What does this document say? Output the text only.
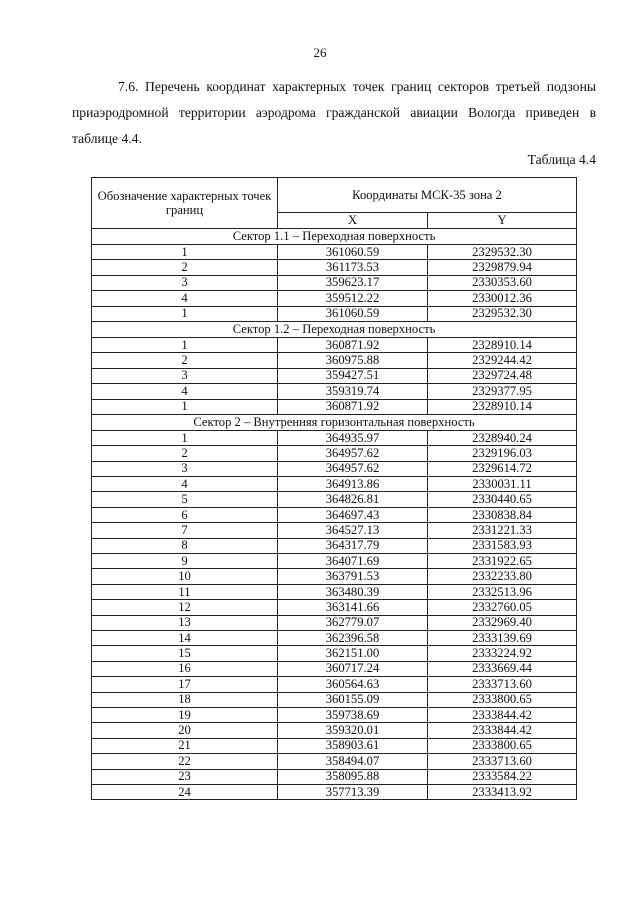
26

7.6. Перечень координат характерных точек границ секторов третьей подзоны приаэродромной территории аэродрома гражданской авиации Вологда приведен в таблице 4.4.

Таблица 4.4
Обозначение характерных точек границ	Координаты МСК-35 зона 2	
	X	Y
Сектор 1.1 – Переходная поверхность		
1	361060.59	2329532.30
2	361173.53	2329879.94
3	359623.17	2330353.60
4	359512.22	2330012.36
1	361060.59	2329532.30
Сектор 1.2 – Переходная поверхность		
1	360871.92	2328910.14
2	360975.88	2329244.42
3	359427.51	2329724.48
4	359319.74	2329377.95
1	360871.92	2328910.14
Сектор 2 – Внутренняя горизонтальная поверхность		
1	364935.97	2328940.24
2	364957.62	2329196.03
3	364957.62	2329614.72
4	364913.86	2330031.11
5	364826.81	2330440.65
6	364697.43	2330838.84
7	364527.13	2331221.33
8	364317.79	2331583.93
9	364071.69	2331922.65
10	363791.53	2332233.80
11	363480.39	2332513.96
12	363141.66	2332760.05
13	362779.07	2332969.40
14	362396.58	2333139.69
15	362151.00	2333224.92
16	360717.24	2333669.44
17	360564.63	2333713.60
18	360155.09	2333800.65
19	359738.69	2333844.42
20	359320.01	2333844.42
21	358903.61	2333800.65
22	358494.07	2333713.60
23	358095.88	2333584.22
24	357713.39	2333413.92
